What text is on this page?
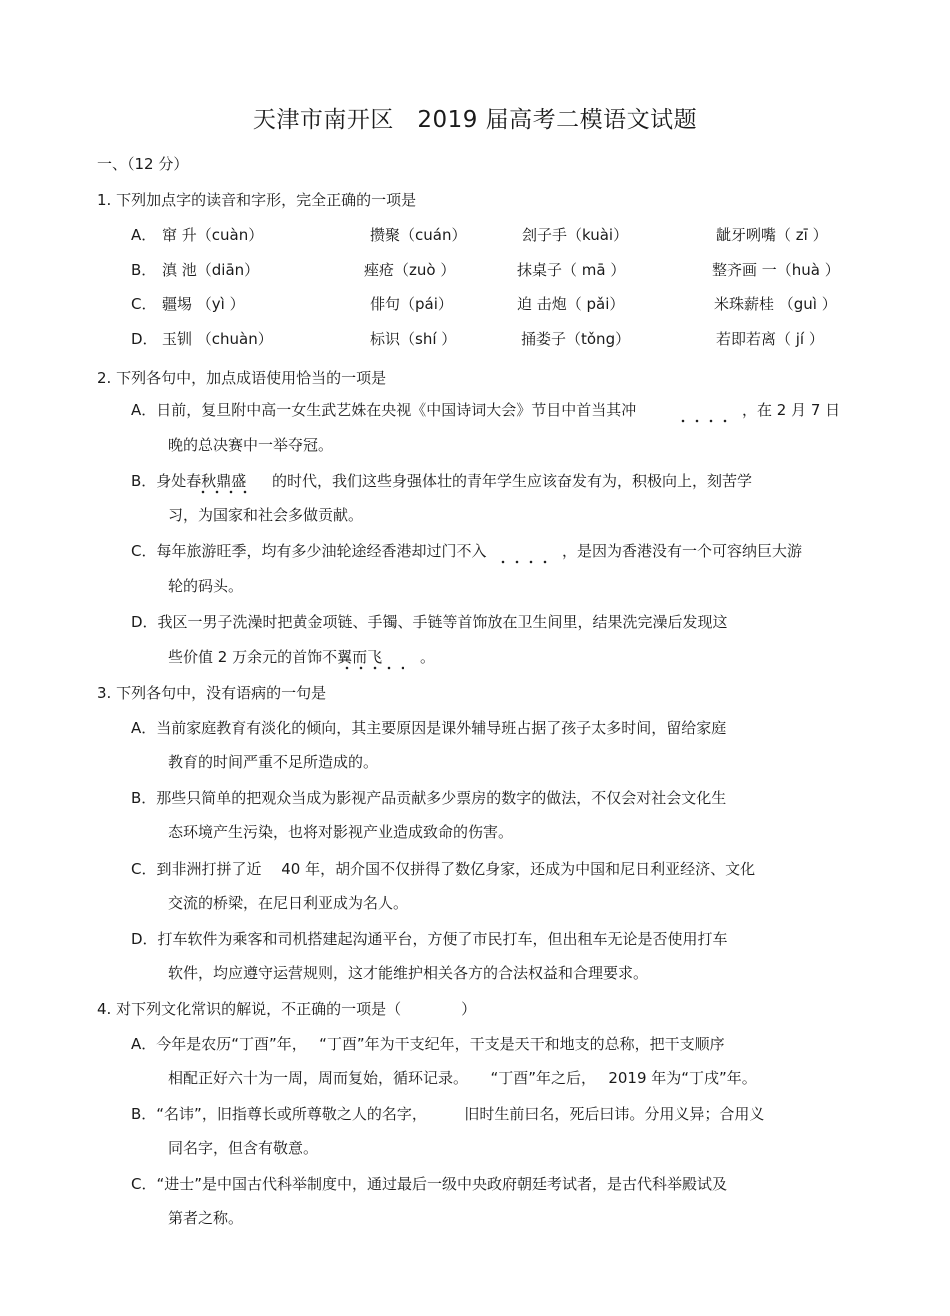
天津市南开区　2019 届高考二模语文试题
一、（12 分）
1. 下列加点字的读音和字形，完全正确的一项是
A． 窜 升（cuàn）	攒聚（cuán）	刽子手（kuài）	龇牙咧嘴（ zī ）
B． 滇 池（diān）	痤疮（zuò ）	抹桌子（ mā ）	整齐画 一（huà ）
C． 疆埸 （yì ）	俳句（pái）	迫 击炮（ pǎi）	米珠薪桂 （guì ）
D． 玉钏 （chuàn）	标识（shí ）	捅娄子（tǒng）	若即若离（ jí ）
2. 下列各句中，加点成语使用恰当的一项是
A．日前，复旦附中高一女生武艺姝在央视《中国诗词大会》节目中首当其冲	，在 2 月 7 日
晚的总决赛中一举夺冠。
B．身处春秋鼎盛 的时代，我们这些身强体壮的青年学生应该奋发有为，积极向上，刻苦学
习，为国家和社会多做贡献。
C．每年旅游旺季，均有多少油轮途经香港却过门不入	，是因为香港没有一个可容纳巨大游
轮的码头。
D．我区一男子洗澡时把黄金项链、手镯、手链等首饰放在卫生间里，结果洗完澡后发现这
些价值 2 万余元的首饰不翼而飞	。
3. 下列各句中，没有语病的一句是
A．当前家庭教育有淡化的倾向，其主要原因是课外辅导班占据了孩子太多时间，留给家庭
教育的时间严重不足所造成的。
B．那些只简单的把观众当成为影视产品贡献多少票房的数字的做法，不仅会对社会文化生
态环境产生污染，也将对影视产业造成致命的伤害。
C．到非洲打拼了近　 40 年，胡介国不仅拼得了数亿身家，还成为中国和尼日利亚经济、文化
交流的桥梁，在尼日利亚成为名人。
D．打车软件为乘客和司机搭建起沟通平台，方便了市民打车，但出租车无论是否使用打车
软件，均应遵守运营规则，这才能维护相关各方的合法权益和合理要求。
4. 对下列文化常识的解说，不正确的一项是（　　　　）
A．今年是农历“丁酉”年，　 “丁酉”年为干支纪年，干支是天干和地支的总称，把干支顺序
相配正好六十为一周，周而复始，循环记录。　　“丁酉”年之后，　 2019 年为“丁戌”年。
B．“名讳”，旧指尊长或所尊敬之人的名字，　　　旧时生前曰名，死后曰讳。分用义异；合用义
同名字，但含有敬意。
C．“进士”是中国古代科举制度中，通过最后一级中央政府朝廷考试者，是古代科举殿试及
第者之称。
